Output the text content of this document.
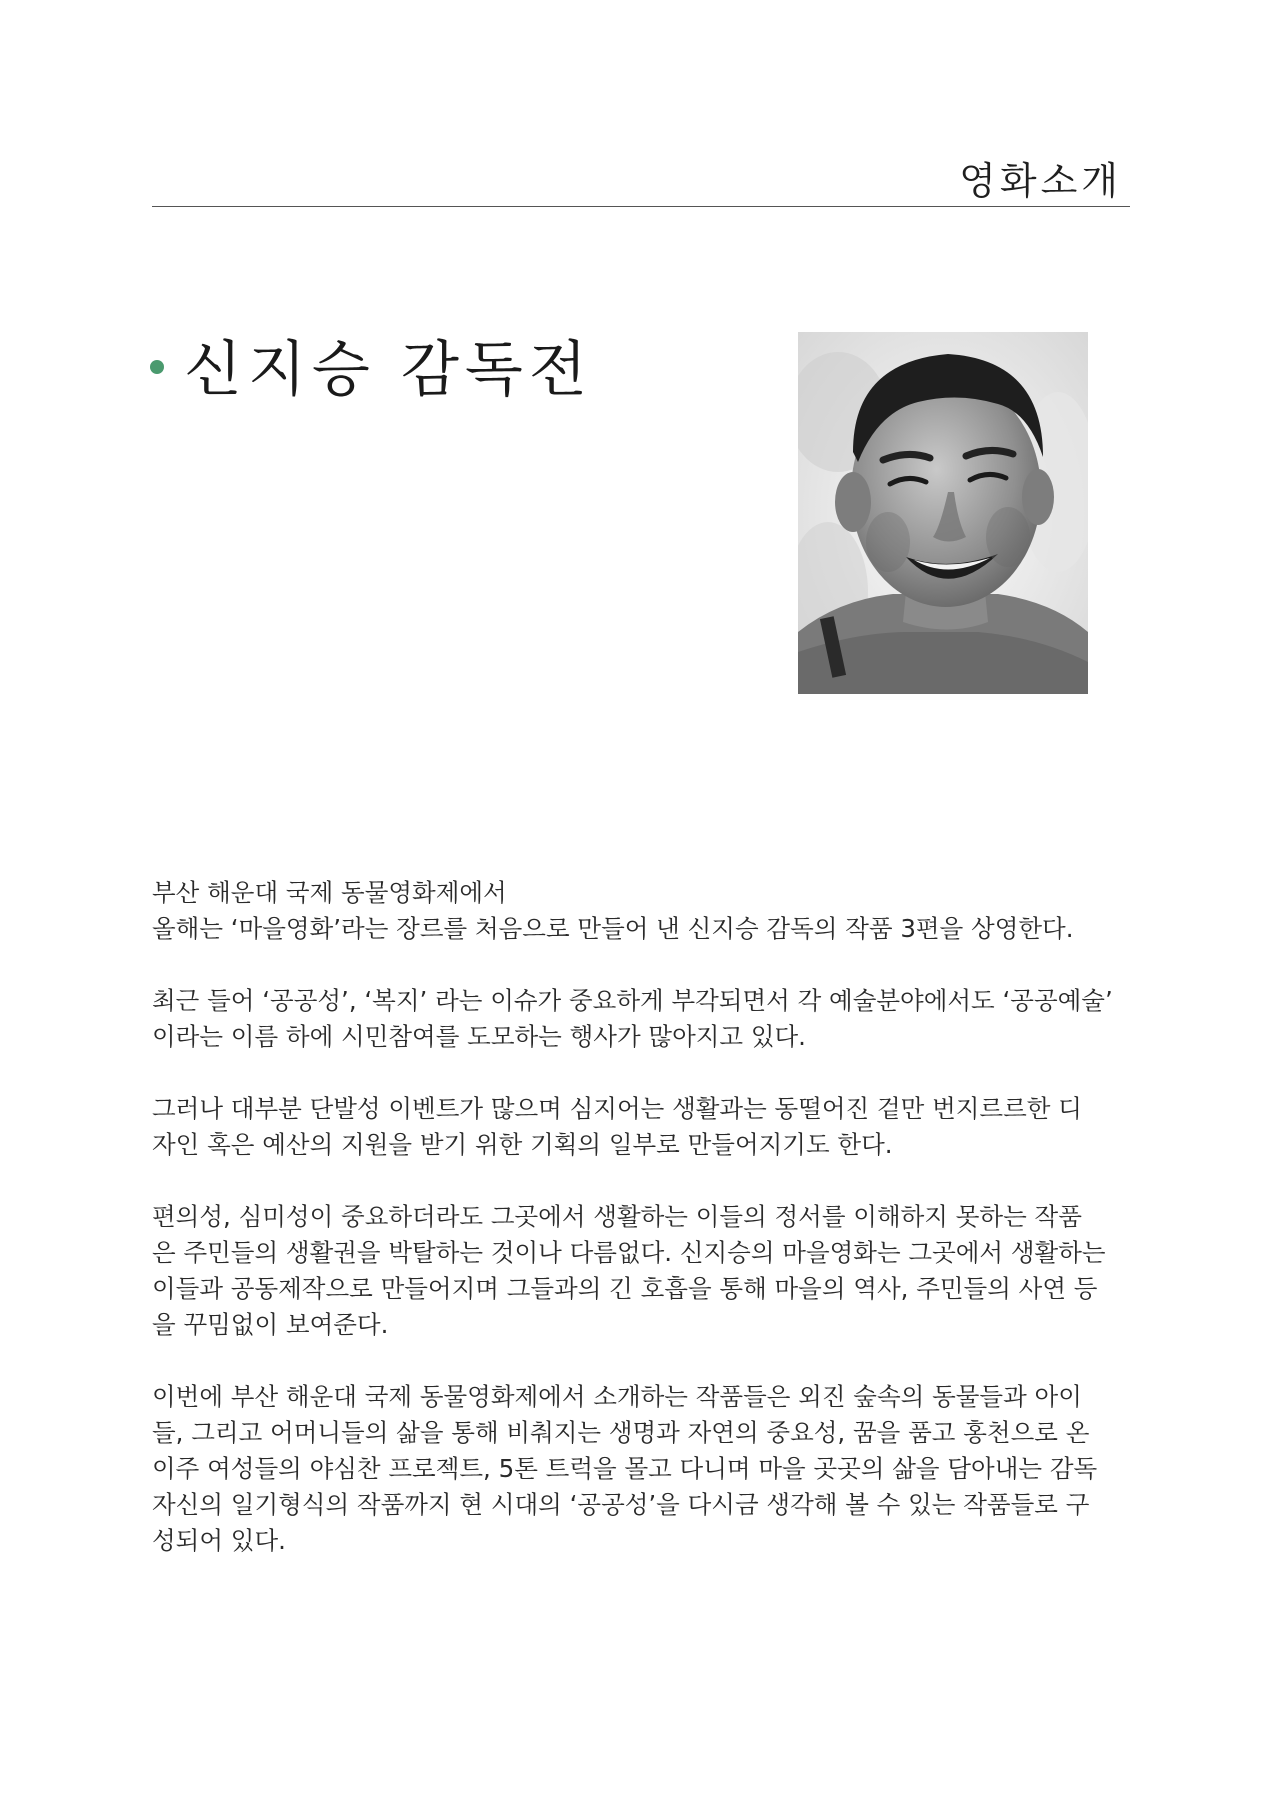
영화소개
신지승 감독전

부산 해운대 국제 동물영화제에서
올해는 ‘마을영화’라는 장르를 처음으로 만들어 낸 신지승 감독의 작품 3편을 상영한다.

최근 들어 ‘공공성’, ‘복지’ 라는 이슈가 중요하게 부각되면서 각 예술분야에서도 ‘공공예술’
이라는 이름 하에 시민참여를 도모하는 행사가 많아지고 있다.

그러나 대부분 단발성 이벤트가 많으며 심지어는 생활과는 동떨어진 겉만 번지르르한 디
자인 혹은 예산의 지원을 받기 위한 기획의 일부로 만들어지기도 한다.

편의성, 심미성이 중요하더라도 그곳에서 생활하는 이들의 정서를 이해하지 못하는 작품
은 주민들의 생활권을 박탈하는 것이나 다름없다. 신지승의 마을영화는 그곳에서 생활하는
이들과 공동제작으로 만들어지며 그들과의 긴 호흡을 통해 마을의 역사, 주민들의 사연 등
을 꾸밈없이 보여준다.

이번에 부산 해운대 국제 동물영화제에서 소개하는 작품들은 외진 숲속의 동물들과 아이
들, 그리고 어머니들의 삶을 통해 비춰지는 생명과 자연의 중요성, 꿈을 품고 홍천으로 온
이주 여성들의 야심찬 프로젝트, 5톤 트럭을 몰고 다니며 마을 곳곳의 삶을 담아내는 감독
자신의 일기형식의 작품까지 현 시대의 ‘공공성’을 다시금 생각해 볼 수 있는 작품들로 구
성되어 있다.
